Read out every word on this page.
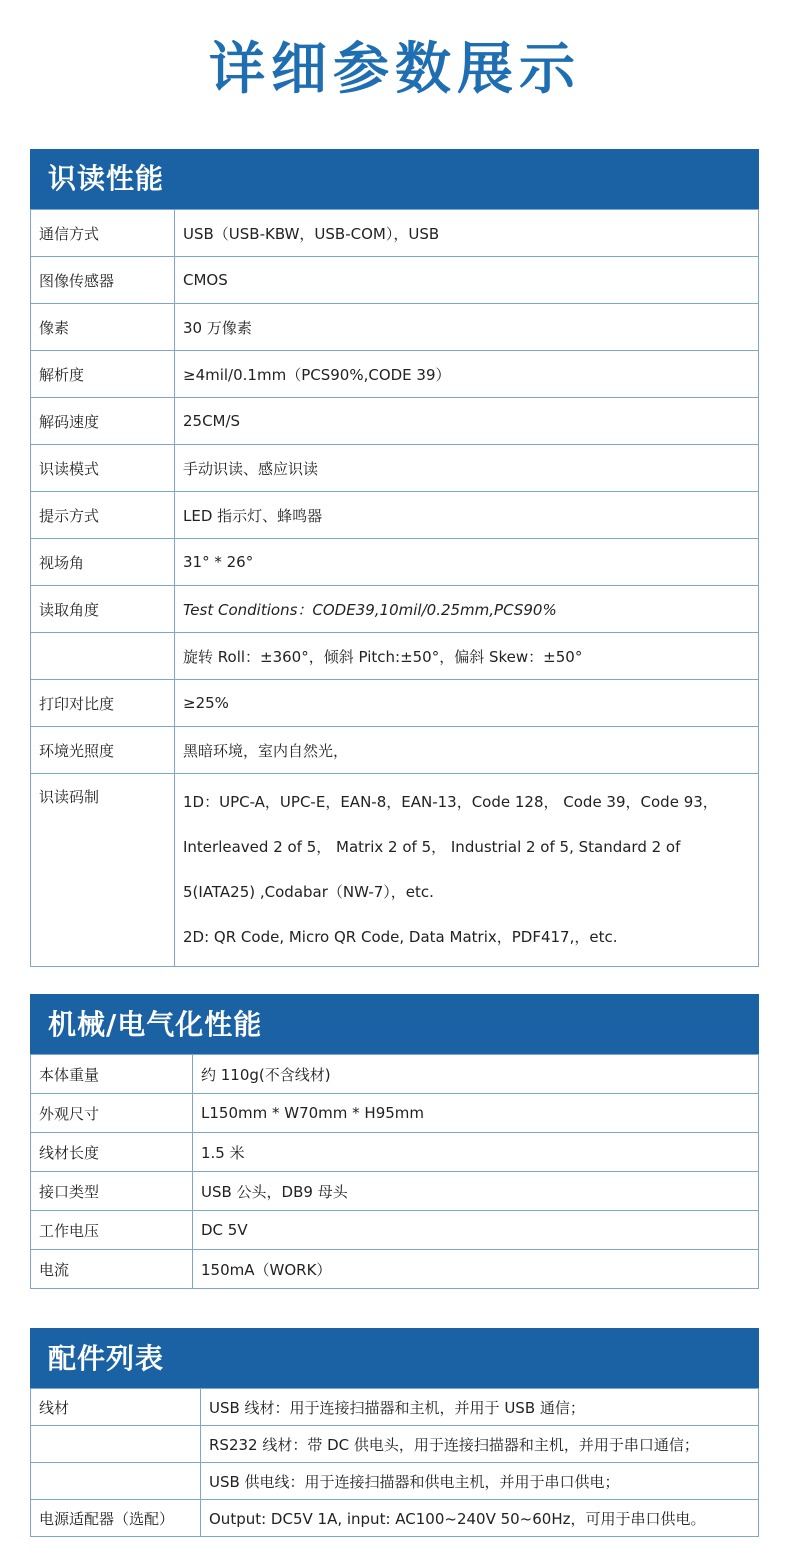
详细参数展示
识读性能
通信方式	USB（USB-KBW，USB-COM），USB
图像传感器	CMOS
像素	30 万像素
解析度	≥4mil/0.1mm（PCS90%,CODE 39）
解码速度	25CM/S
识读模式	手动识读、感应识读
提示方式	LED 指示灯、蜂鸣器
视场角	31° * 26°
读取角度	Test Conditions：CODE39,10mil/0.25mm,PCS90%
	旋转 Roll：±360°，倾斜 Pitch:±50°，偏斜 Skew：±50°
打印对比度	≥25%
环境光照度	黑暗环境，室内自然光，
识读码制	1D：UPC-A，UPC-E，EAN-8，EAN-13，Code 128， Code 39，Code 93，
Interleaved 2 of 5， Matrix 2 of 5， Industrial 2 of 5, Standard 2 of
5(IATA25) ,Codabar（NW-7），etc.
2D: QR Code, Micro QR Code, Data Matrix，PDF417,，etc.
机械/电气化性能
本体重量	约 110g(不含线材)
外观尺寸	L150mm * W70mm * H95mm
线材长度	1.5 米
接口类型	USB 公头，DB9 母头
工作电压	DC 5V
电流	150mA（WORK）
配件列表
线材	USB 线材：用于连接扫描器和主机，并用于 USB 通信；
	RS232 线材：带 DC 供电头，用于连接扫描器和主机，并用于串口通信；
	USB 供电线：用于连接扫描器和供电主机，并用于串口供电；
电源适配器（选配）	Output: DC5V 1A, input: AC100~240V 50~60Hz，可用于串口供电。
